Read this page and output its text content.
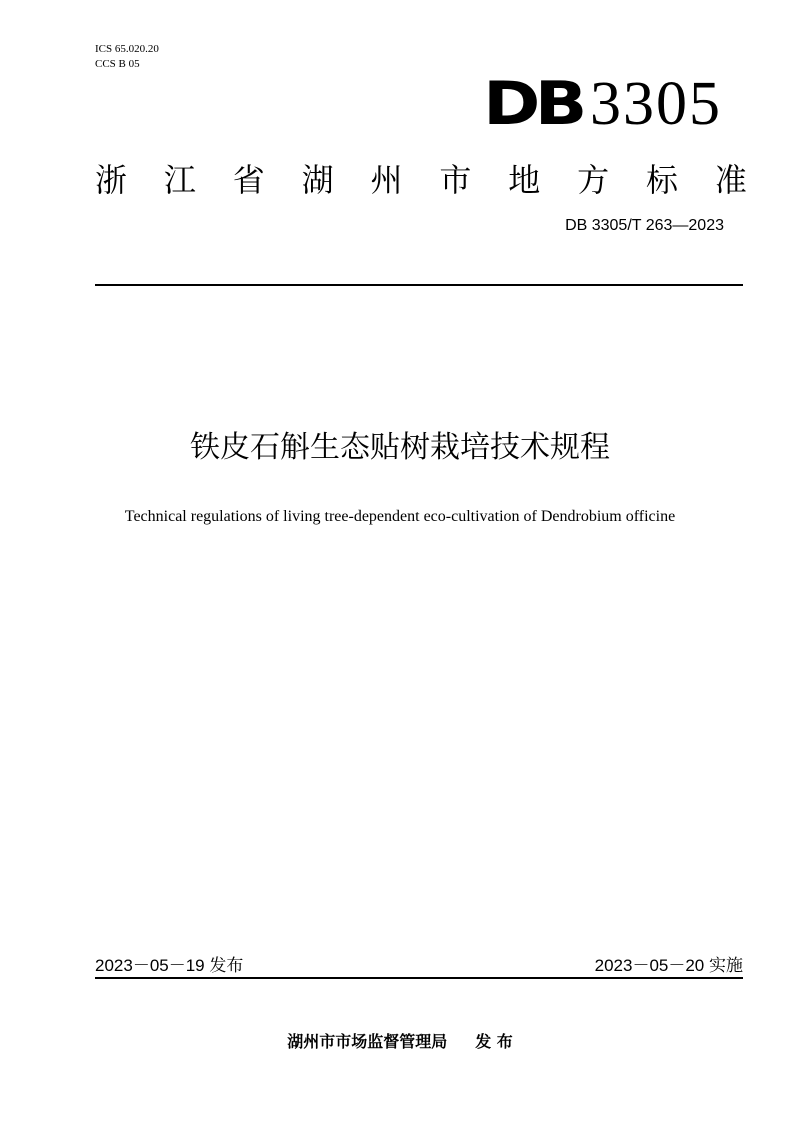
ICS 65.020.20
CCS B 05
DB 3305
浙 江 省 湖 州 市 地 方 标 准
DB 3305/T 263—2023
铁皮石斛生态贴树栽培技术规程
Technical regulations of living tree-dependent eco-cultivation of Dendrobium officine
2023－05－19 发布	2023－05－20 实施
湖州市市场监督管理局 发 布
